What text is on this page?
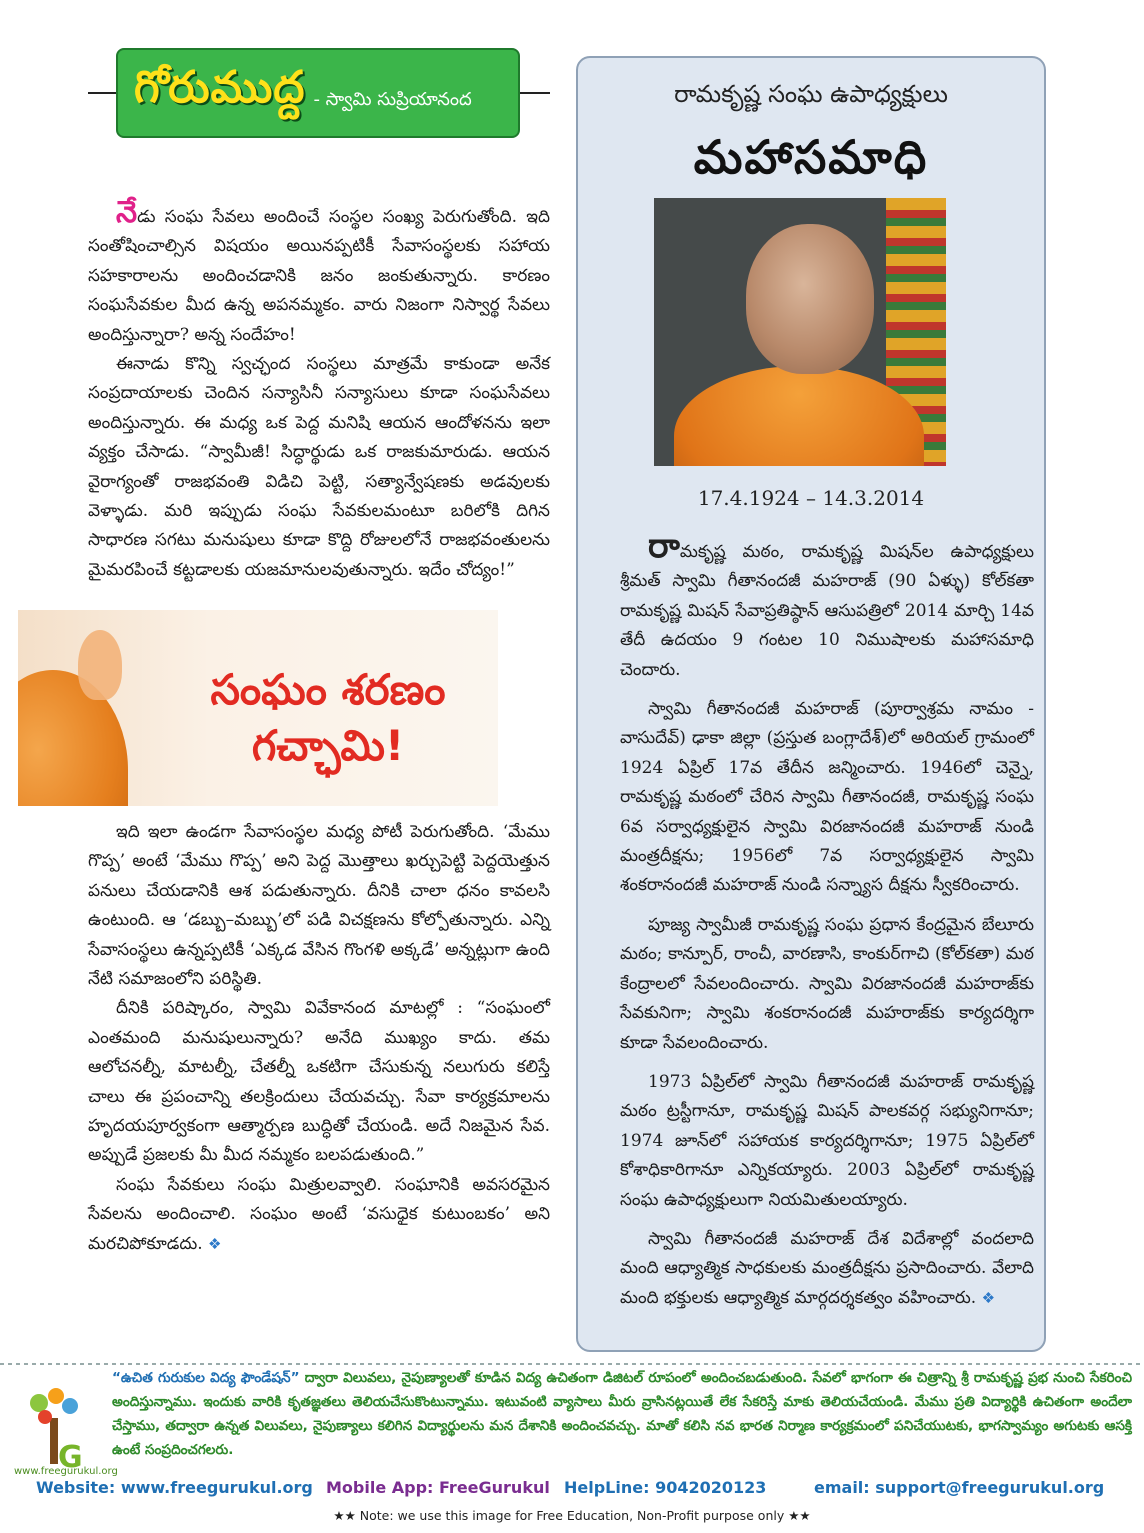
గోరుముద్ద - స్వామి సుప్రియానంద

నేడు సంఘ సేవలు అందించే సంస్థల సంఖ్య పెరుగుతోంది. ఇది సంతోషించాల్సిన విషయం అయినప్పటికీ సేవాసంస్థలకు సహాయ సహకారాలను అందించడానికి జనం జంకుతున్నారు. కారణం సంఘసేవకుల మీద ఉన్న అపనమ్మకం. వారు నిజంగా నిస్వార్థ సేవలు అందిస్తున్నారా? అన్న సందేహం!

ఈనాడు కొన్ని స్వచ్ఛంద సంస్థలు మాత్రమే కాకుండా అనేక సంప్రదాయాలకు చెందిన సన్యాసినీ సన్యాసులు కూడా సంఘసేవలు అందిస్తున్నారు. ఈ మధ్య ఒక పెద్ద మనిషి ఆయన ఆందోళనను ఇలా వ్యక్తం చేసాడు. “స్వామీజీ! సిద్ధార్థుడు ఒక రాజకుమారుడు. ఆయన వైరాగ్యంతో రాజభవంతి విడిచి పెట్టి, సత్యాన్వేషణకు అడవులకు వెళ్ళాడు. మరి ఇప్పుడు సంఘ సేవకులమంటూ బరిలోకి దిగిన సాధారణ సగటు మనుషులు కూడా కొద్ది రోజులలోనే రాజభవంతులను మైమరపించే కట్టడాలకు యజమానులవుతున్నారు. ఇదేం చోద్యం!”

సంఘం శరణం గచ్ఛామి!

ఇది ఇలా ఉండగా సేవాసంస్థల మధ్య పోటీ పెరుగుతోంది. ‘మేము గొప్ప’ అంటే ‘మేము గొప్ప’ అని పెద్ద మొత్తాలు ఖర్చుపెట్టి పెద్దయెత్తున పనులు చేయడానికి ఆశ పడుతున్నారు. దీనికి చాలా ధనం కావలసి ఉంటుంది. ఆ ‘డబ్బు–మబ్బు’లో పడి విచక్షణను కోల్పోతున్నారు. ఎన్ని సేవాసంస్థలు ఉన్నప్పటికీ ‘ఎక్కడ వేసిన గొంగళి అక్కడే’ అన్నట్లుగా ఉంది నేటి సమాజంలోని పరిస్థితి.

దీనికి పరిష్కారం, స్వామి వివేకానంద మాటల్లో : “సంఘంలో ఎంతమంది మనుషులున్నారు? అనేది ముఖ్యం కాదు. తమ ఆలోచనల్నీ, మాటల్నీ, చేతల్నీ ఒకటిగా చేసుకున్న నలుగురు కలిస్తే చాలు ఈ ప్రపంచాన్ని తలక్రిందులు చేయవచ్చు. సేవా కార్యక్రమాలను హృదయపూర్వకంగా ఆత్మార్పణ బుద్ధితో చేయండి. అదే నిజమైన సేవ. అప్పుడే ప్రజలకు మీ మీద నమ్మకం బలపడుతుంది.”

సంఘ సేవకులు సంఘ మిత్రులవ్వాలి. సంఘానికి అవసరమైన సేవలను అందించాలి. సంఘం అంటే ‘వసుధైక కుటుంబకం’ అని మరచిపోకూడదు. ❖

రామకృష్ణ సంఘ ఉపాధ్యక్షులు
మహాసమాధి
17.4.1924 – 14.3.2014

రామకృష్ణ మఠం, రామకృష్ణ మిషన్‌ల ఉపాధ్యక్షులు శ్రీమత్ స్వామి గీతానందజీ మహరాజ్ (90 ఏళ్ళు) కోల్‌కతా రామకృష్ణ మిషన్ సేవాప్రతిష్ఠాన్ ఆసుపత్రిలో 2014 మార్చి 14వ తేదీ ఉదయం 9 గంటల 10 నిముషాలకు మహాసమాధి చెందారు.

స్వామి గీతానందజీ మహరాజ్ (పూర్వాశ్రమ నామం - వాసుదేవ్) ఢాకా జిల్లా (ప్రస్తుత బంగ్లాదేశ్)లో అరియల్ గ్రామంలో 1924 ఏప్రిల్ 17వ తేదీన జన్మించారు. 1946లో చెన్నై, రామకృష్ణ మఠంలో చేరిన స్వామి గీతానందజీ, రామకృష్ణ సంఘ 6వ సర్వాధ్యక్షులైన స్వామి విరజానందజీ మహరాజ్ నుండి మంత్రదీక్షను; 1956లో 7వ సర్వాధ్యక్షులైన స్వామి శంకరానందజీ మహరాజ్ నుండి సన్న్యాస దీక్షను స్వీకరించారు.

పూజ్య స్వామీజీ రామకృష్ణ సంఘ ప్రధాన కేంద్రమైన బేలూరు మఠం; కాన్పూర్, రాంచీ, వారణాసి, కాంకుర్‌గాచి (కోల్‌కతా) మఠ కేంద్రాలలో సేవలందించారు. స్వామి విరజానందజీ మహరాజ్‌కు సేవకునిగా; స్వామి శంకరానందజీ మహరాజ్‌కు కార్యదర్శిగా కూడా సేవలందించారు.

1973 ఏప్రిల్‌లో స్వామి గీతానందజీ మహరాజ్ రామకృష్ణ మఠం ట్రస్టీగానూ, రామకృష్ణ మిషన్ పాలకవర్గ సభ్యునిగానూ; 1974 జూన్‌లో సహాయక కార్యదర్శిగానూ; 1975 ఏప్రిల్‌లో కోశాధికారిగానూ ఎన్నికయ్యారు. 2003 ఏప్రిల్‌లో రామకృష్ణ సంఘ ఉపాధ్యక్షులుగా నియమితులయ్యారు.

స్వామి గీతానందజీ మహరాజ్ దేశ విదేశాల్లో వందలాది మంది ఆధ్యాత్మిక సాధకులకు మంత్రదీక్షను ప్రసాదించారు. వేలాది మంది భక్తులకు ఆధ్యాత్మిక మార్గదర్శకత్వం వహించారు. ❖

G
www.freegurukul.org
“ఉచిత గురుకుల విద్య ఫౌండేషన్” ద్వారా విలువలు, నైపుణ్యాలతో కూడిన విద్య ఉచితంగా డిజిటల్ రూపంలో అందించబడుతుంది. సేవలో భాగంగా ఈ చిత్రాన్ని శ్రీ రామకృష్ణ ప్రభ నుంచి సేకరించి అందిస్తున్నాము. ఇందుకు వారికి కృతజ్ఞతలు తెలియచేసుకొంటున్నాము. ఇటువంటి వ్యాసాలు మీరు వ్రాసినట్లయితే లేక సేకరిస్తే మాకు తెలియచేయండి. మేము ప్రతి విద్యార్థికి ఉచితంగా అందేలా చేస్తాము, తద్వారా ఉన్నత విలువలు, నైపుణ్యాలు కలిగిన విద్యార్థులను మన దేశానికి అందించవచ్చు. మాతో కలిసి నవ భారత నిర్మాణ కార్యక్రమంలో పనిచేయుటకు, భాగస్వామ్యం అగుటకు ఆసక్తి ఉంటే సంప్రదించగలరు.
Website: www.freegurukul.org Mobile App: FreeGurukul HelpLine: 9042020123	email: support@freegurukul.org
★★ Note: we use this image for Free Education, Non-Profit purpose only ★★
